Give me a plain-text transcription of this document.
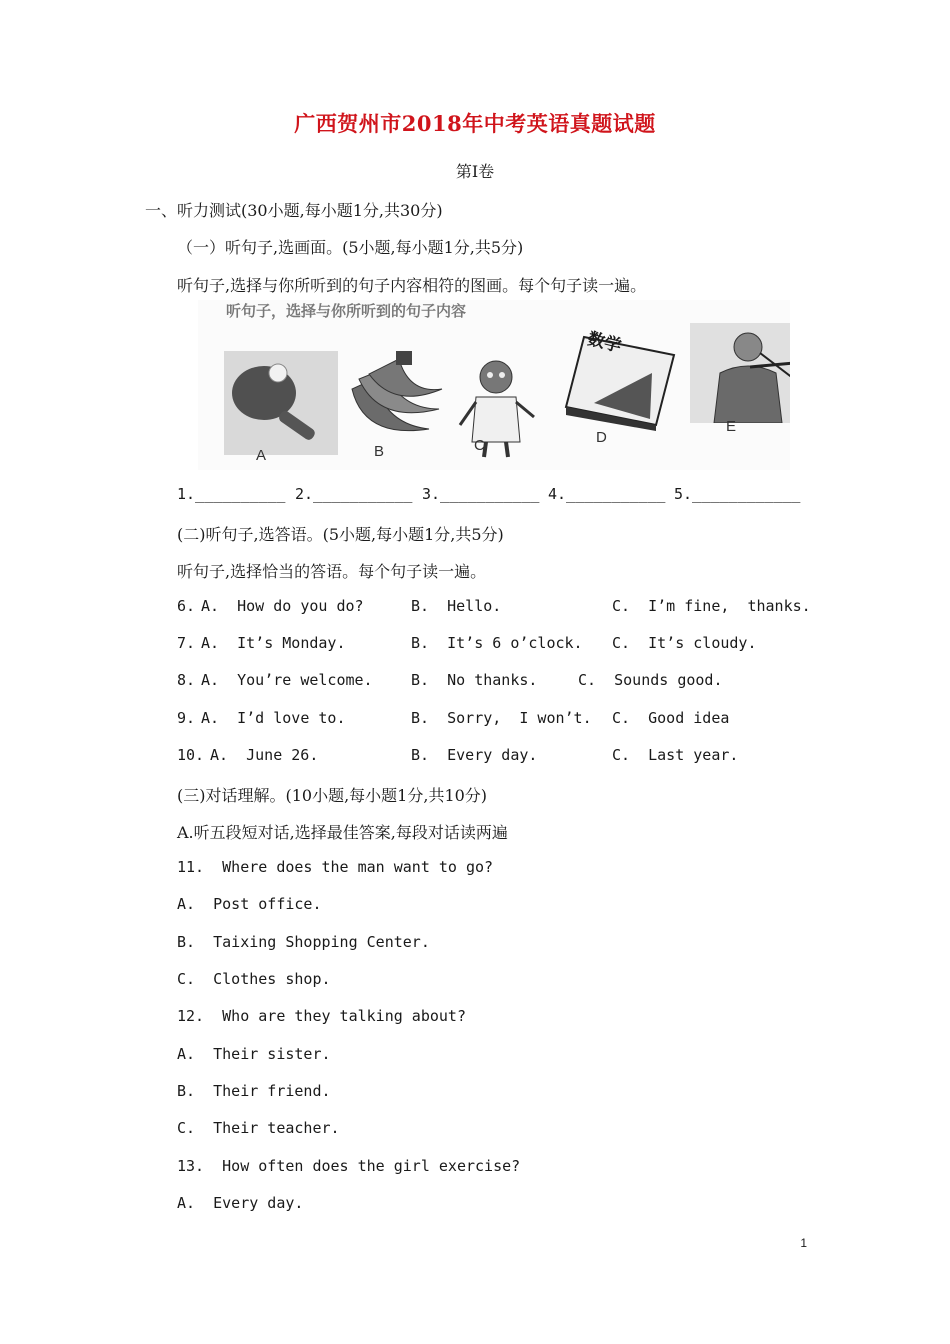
广西贺州市2018年中考英语真题试题
第Ⅰ卷
一、听力测试(30小题,每小题1分,共30分)
（一）听句子,选画面。(5小题,每小题1分,共5分)
听句子,选择与你所听到的句子内容相符的图画。每个句子读一遍。

听句子，选择与你所听到的句子内容

A

	B

	C

数学

D

E

1.__________ 2.___________ 3.___________ 4.___________ 5.____________
(二)听句子,选答语。(5小题,每小题1分,共5分)
听句子,选择恰当的答语。每个句子读一遍。
6. A.  How do you do?	B.  Hello.	C.  I’m fine,  thanks.
7. A.  It’s Monday.	B.  It’s 6 o’clock. C.  It’s cloudy.
8. A.  You’re welcome.	B.  No thanks.	C.  Sounds good.
9. A.  I’d love to.	B.  Sorry,  I won’t. C.  Good idea
10. A.  June 26.	B.  Every day.	C.  Last year.
(三)对话理解。(10小题,每小题1分,共10分)
A.听五段短对话,选择最佳答案,每段对话读两遍
11.  Where does the man want to go?
A.  Post office.
B.  Taixing Shopping Center.
C.  Clothes shop.
12.  Who are they talking about?
A.  Their sister.
B.  Their friend.
C.  Their teacher.
13.  How often does the girl exercise?
A.  Every day.
1
